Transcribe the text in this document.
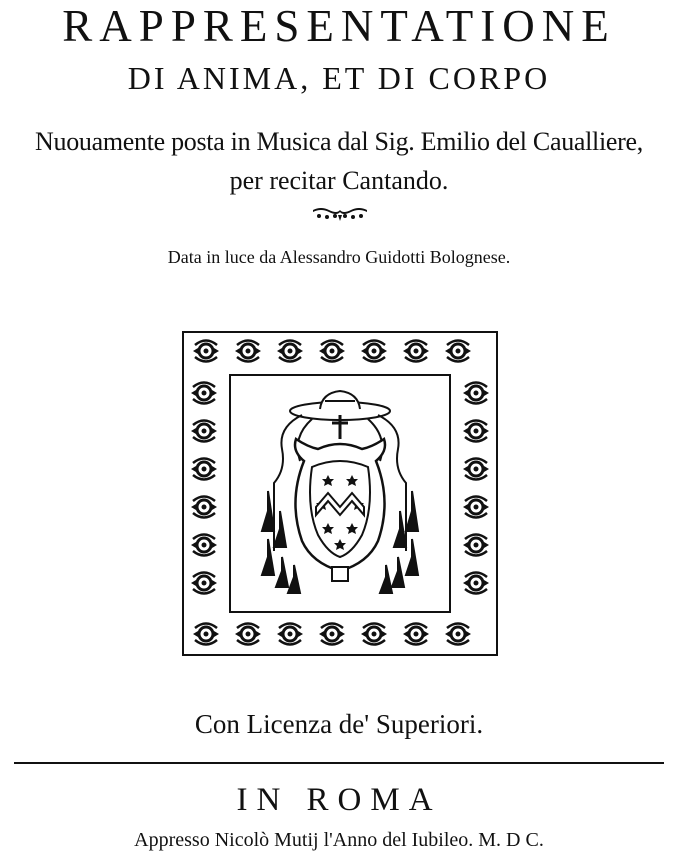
RAPPRESENTATIONE
DI ANIMA, ET DI CORPO
Nuouamente posta in Musica dal Sig. Emilio del Caualliere,
per recitar Cantando.
Data in luce da Alessandro Guidotti Bolognese.
Con Licenza de' Superiori.
IN ROMA
Appresso Nicolò Mutij l'Anno del Iubileo. M. D C.
